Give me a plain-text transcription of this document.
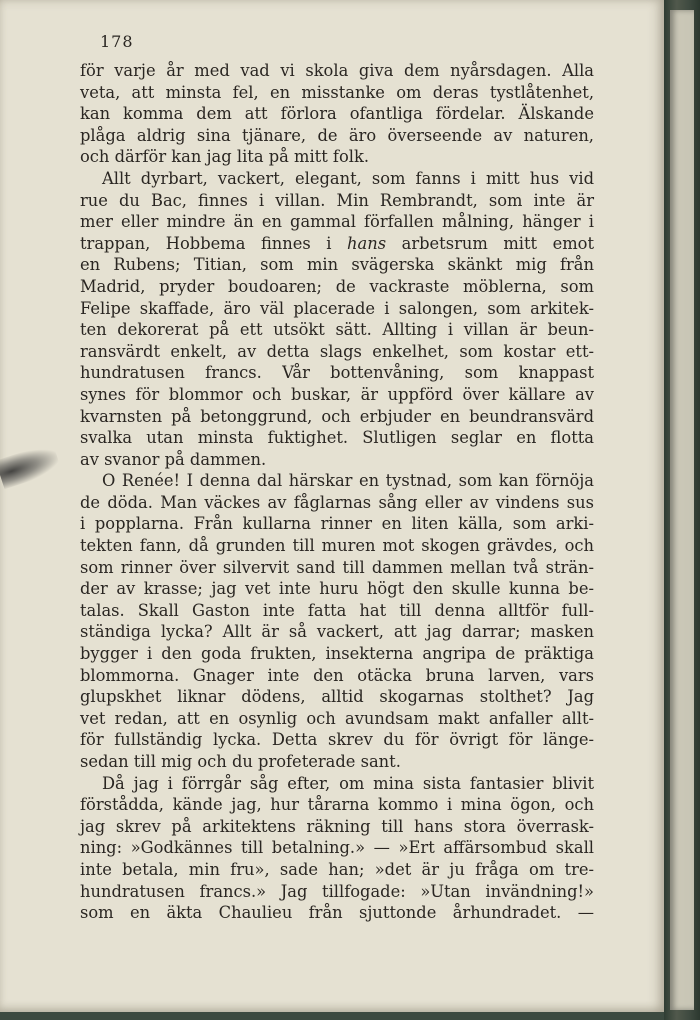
178
för varje år med vad vi skola giva dem nyårsdagen. Alla
veta, att minsta fel, en misstanke om deras tystlåtenhet,
kan komma dem att förlora ofantliga fördelar. Älskande
plåga aldrig sina tjänare, de äro överseende av naturen,
och därför kan jag lita på mitt folk.
Allt dyrbart, vackert, elegant, som fanns i mitt hus vid
rue du Bac, finnes i villan. Min Rembrandt, som inte är
mer eller mindre än en gammal förfallen målning, hänger i
trappan, Hobbema finnes i hans arbetsrum mitt emot
en Rubens; Titian, som min svägerska skänkt mig från
Madrid, pryder boudoaren; de vackraste möblerna, som
Felipe skaffade, äro väl placerade i salongen, som arkitek-
ten dekorerat på ett utsökt sätt. Allting i villan är beun-
ransvärdt enkelt, av detta slags enkelhet, som kostar ett-
hundratusen francs. Vår bottenvåning, som knappast
synes för blommor och buskar, är uppförd över källare av
kvarnsten på betonggrund, och erbjuder en beundransvärd
svalka utan minsta fuktighet. Slutligen seglar en flotta
av svanor på dammen.
O Renée! I denna dal härskar en tystnad, som kan förnöja
de döda. Man väckes av fåglarnas sång eller av vindens sus
i popplarna. Från kullarna rinner en liten källa, som arki-
tekten fann, då grunden till muren mot skogen grävdes, och
som rinner över silvervit sand till dammen mellan två strän-
der av krasse; jag vet inte huru högt den skulle kunna be-
talas. Skall Gaston inte fatta hat till denna alltför full-
ständiga lycka? Allt är så vackert, att jag darrar; masken
bygger i den goda frukten, insekterna angripa de präktiga
blommorna. Gnager inte den otäcka bruna larven, vars
glupskhet liknar dödens, alltid skogarnas stolthet? Jag
vet redan, att en osynlig och avundsam makt anfaller allt-
för fullständig lycka. Detta skrev du för övrigt för länge-
sedan till mig och du profeterade sant.
Då jag i förrgår såg efter, om mina sista fantasier blivit
förstådda, kände jag, hur tårarna kommo i mina ögon, och
jag skrev på arkitektens räkning till hans stora överrask-
ning: »Godkännes till betalning.» — »Ert affärsombud skall
inte betala, min fru», sade han; »det är ju fråga om tre-
hundratusen francs.» Jag tillfogade: »Utan invändning!»
som en äkta Chaulieu från sjuttonde århundradet. —
